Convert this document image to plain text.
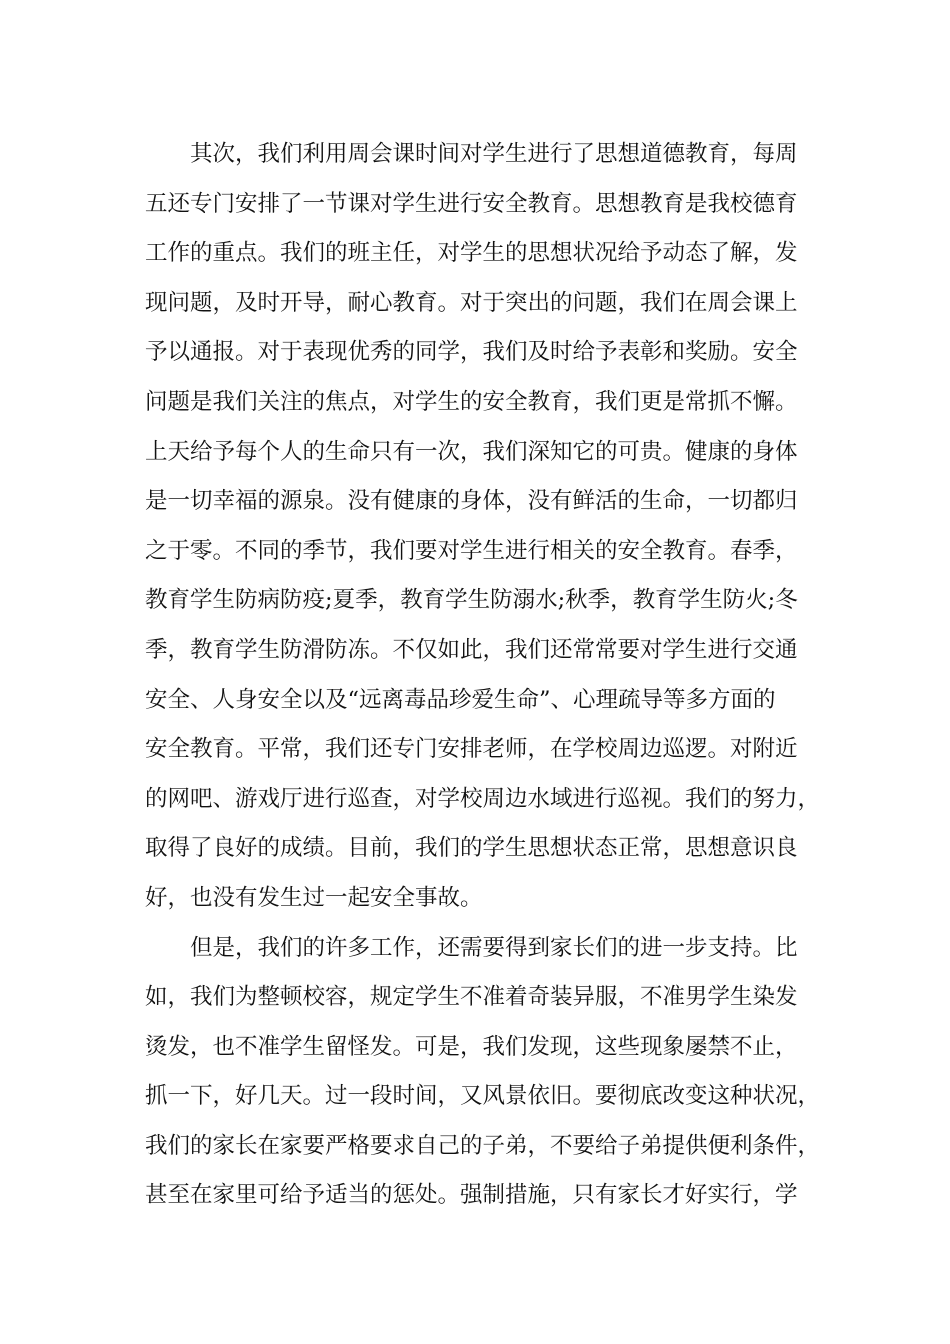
其次，我们利用周会课时间对学生进行了思想道德教育，每周
五还专门安排了一节课对学生进行安全教育。思想教育是我校德育
工作的重点。我们的班主任，对学生的思想状况给予动态了解，发
现问题，及时开导，耐心教育。对于突出的问题，我们在周会课上
予以通报。对于表现优秀的同学，我们及时给予表彰和奖励。安全
问题是我们关注的焦点，对学生的安全教育，我们更是常抓不懈。
上天给予每个人的生命只有一次，我们深知它的可贵。健康的身体
是一切幸福的源泉。没有健康的身体，没有鲜活的生命，一切都归
之于零。不同的季节，我们要对学生进行相关的安全教育。春季，
教育学生防病防疫;夏季，教育学生防溺水;秋季，教育学生防火;冬
季，教育学生防滑防冻。不仅如此，我们还常常要对学生进行交通
安全、人身安全以及“远离毒品珍爱生命”、心理疏导等多方面的
安全教育。平常，我们还专门安排老师，在学校周边巡逻。对附近
的网吧、游戏厅进行巡查，对学校周边水域进行巡视。我们的努力，
取得了良好的成绩。目前，我们的学生思想状态正常，思想意识良
好，也没有发生过一起安全事故。
但是，我们的许多工作，还需要得到家长们的进一步支持。比
如，我们为整顿校容，规定学生不准着奇装异服，不准男学生染发
烫发，也不准学生留怪发。可是，我们发现，这些现象屡禁不止，
抓一下，好几天。过一段时间，又风景依旧。要彻底改变这种状况，
我们的家长在家要严格要求自己的子弟，不要给子弟提供便利条件，
甚至在家里可给予适当的惩处。强制措施，只有家长才好实行，学
